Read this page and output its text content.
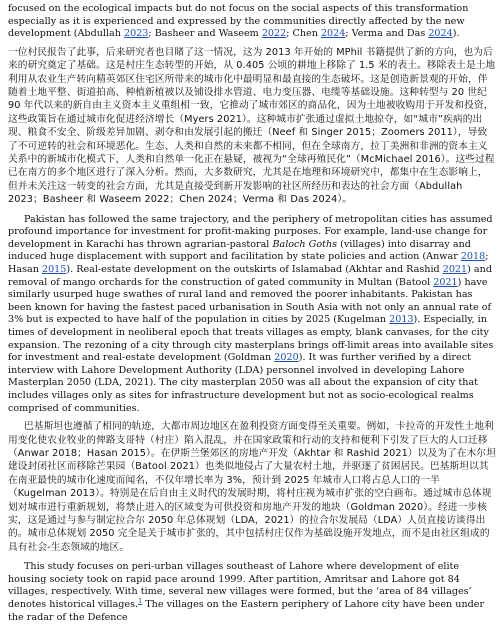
focused on the ecological impacts but do not focus on the social aspects of this transformation especially as it is experienced and expressed by the communities directly affected by the new development (Abdullah 2023; Basheer and Waseem 2022; Chen 2024; Verma and Das 2024).

一位村民报告了此事，后来研究者也目睹了这一情况，这为 2013 年开始的 MPhil 书籍提供了新的方向，也为后来的研究奠定了基础。这是村庄生态转型的开始，从 0.405 公顷的耕地上移除了 1.5 米的表土。移除表土是土地利用从农业生产转向精英郊区住宅区所带来的城市化中最明显和最直接的生态破坏。这是创造新景观的开始，伴随着土地平整、街道拍高、种植新植被以及铺设排水管道、电力变压器、电缆等基础设施。这种转型与 20 世纪 90 年代以来的新自由主义资本主义重组相一致，它推动了城市郊区的商品化，因为土地被收购用于开发和投资，这些政策旨在通过城市化促进经济增长（Myers 2021）。这种城市扩张通过虚拟土地掠夺，如“城市”疾病的出现、粮食不安全、阶级差异加剧、剥夺和由发展引起的搬迁（Neef 和 Singer 2015；Zoomers 2011），导致了不可逆转的社会和环境恶化。生态、人类和自然的未来都不相同，但在全球南方，拉丁美洲和非洲的资本主义关系中的新城市化模式下，人类和自然单一化正在悬疑，被视为“全球再殖民化”（McMichael 2016）。这些过程已在南方的多个地区进行了深入分析。然而，大多数研究，尤其是在地理和环境研究中，都集中在生态影响上，但并未关注这一转变的社会方面，尤其是直接受到新开发影响的社区所经历和表达的社会方面（Abdullah 2023；Basheer 和 Waseem 2022；Chen 2024；Verma 和 Das 2024）。

Pakistan has followed the same trajectory, and the periphery of metropolitan cities has assumed profound importance for investment for profit-making purposes. For example, land-use change for development in Karachi has thrown agrarian-pastoral Baloch Goths (villages) into disarray and induced huge displacement with support and facilitation by state policies and action (Anwar 2018; Hasan 2015). Real-estate development on the outskirts of Islamabad (Akhtar and Rashid 2021) and removal of mango orchards for the construction of gated community in Multan (Batool 2021) have similarly usurped huge swathes of rural land and removed the poorer inhabitants. Pakistan has been known for having the fastest paced urbanisation in South Asia with not only an annual rate of 3% but is expected to have half of the population in cities by 2025 (Kugelman 2013). Especially, in times of development in neoliberal epoch that treats villages as empty, blank canvases, for the city expansion. The rezoning of a city through city masterplans brings off-limit areas into available sites for investment and real-estate development (Goldman 2020). It was further verified by a direct interview with Lahore Development Authority (LDA) personnel involved in developing Lahore Masterplan 2050 (LDA, 2021). The city masterplan 2050 was all about the expansion of city that includes villages only as sites for infrastructure development but not as socio-ecological realms comprised of communities.

巴基斯坦也遵循了相同的轨迹，大都市周边地区在盈利投资方面变得至关重要。例如，卡拉奇的开发性土地利用变化使农业牧业的俾路支哥特（村庄）陷入混乱，并在国家政策和行动的支持和便利下引发了巨大的人口迁移（Anwar 2018；Hasan 2015）。在伊斯兰堡郊区的房地产开发（Akhtar 和 Rashid 2021）以及为了在木尔坦建设封闭社区而移除芒果园（Batool 2021）也类似地侵占了大量农村土地，并驱逐了贫困居民。巴基斯坦以其在南亚最快的城市化速度而闻名，不仅年增长率为 3%，预计到 2025 年城市人口将占总人口的一半（Kugelman 2013）。特别是在后自由主义时代的发展时期，将村庄视为城市扩张的空白画布。通过城市总体规划对城市进行重新规划，将禁止进入的区域变为可供投资和房地产开发的地块（Goldman 2020）。经进一步核实，这是通过与参与制定拉合尔 2050 年总体规划（LDA，2021）的拉合尔发展局（LDA）人员直接访谈得出的。城市总体规划 2050 完全是关于城市扩张的，其中包括村庄仅作为基础设施开发地点，而不是由社区组成的具有社会-生态领域的地区。

This study focuses on peri-urban villages southeast of Lahore where development of elite housing society took on rapid pace around 1999. After partition, Amritsar and Lahore got 84 villages, respectively. With time, several new villages were formed, but the ‘area of 84 villages’ denotes historical villages.$^1$ The villages on the Eastern periphery of Lahore city have been under the radar of the Defence
